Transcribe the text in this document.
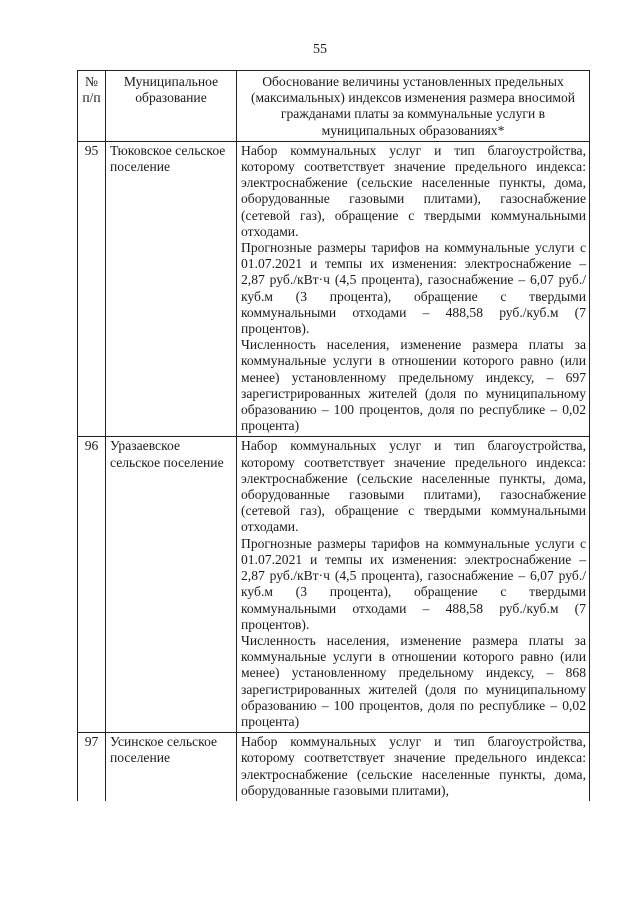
55
№ п/п	Муниципальное образование	Обоснование величины установленных предельных (максимальных) индексов изменения размера вносимой гражданами платы за коммунальные услуги в муниципальных образованиях*
95	Тюковское сельское поселение	Набор коммунальных услуг и тип благоустройства, которому соответствует значение предельного индекса: электроснабжение (сельские населенные пункты, дома, оборудованные газовыми плитами), газоснабжение (сетевой газ), обращение с твердыми коммунальными отходами.

Прогнозные размеры тарифов на коммунальные услуги с 01.07.2021 и темпы их изменения: электроснабжение – 2,87 руб./кВт·ч (4,5 процента), газоснабжение – 6,07 руб./куб.м (3 процента), обращение с твердыми коммунальными отходами – 488,58 руб./куб.м (7 процентов).

Численность населения, изменение размера платы за коммунальные услуги в отношении которого равно (или менее) установленному предельному индексу, – 697 зарегистрированных жителей (доля по муниципальному образованию – 100 процентов, доля по республике – 0,02 процента)

96	Уразаевское сельское поселение	Набор коммунальных услуг и тип благоустройства, которому соответствует значение предельного индекса: электроснабжение (сельские населенные пункты, дома, оборудованные газовыми плитами), газоснабжение (сетевой газ), обращение с твердыми коммунальными отходами.

Прогнозные размеры тарифов на коммунальные услуги с 01.07.2021 и темпы их изменения: электроснабжение – 2,87 руб./кВт·ч (4,5 процента), газоснабжение – 6,07 руб./куб.м (3 процента), обращение с твердыми коммунальными отходами – 488,58 руб./куб.м (7 процентов).

Численность населения, изменение размера платы за коммунальные услуги в отношении которого равно (или менее) установленному предельному индексу, – 868 зарегистрированных жителей (доля по муниципальному образованию – 100 процентов, доля по республике – 0,02 процента)

97	Усинское сельское поселение	Набор коммунальных услуг и тип благоустройства, которому соответствует значение предельного индекса: электроснабжение (сельские населенные пункты, дома, оборудованные газовыми плитами),
